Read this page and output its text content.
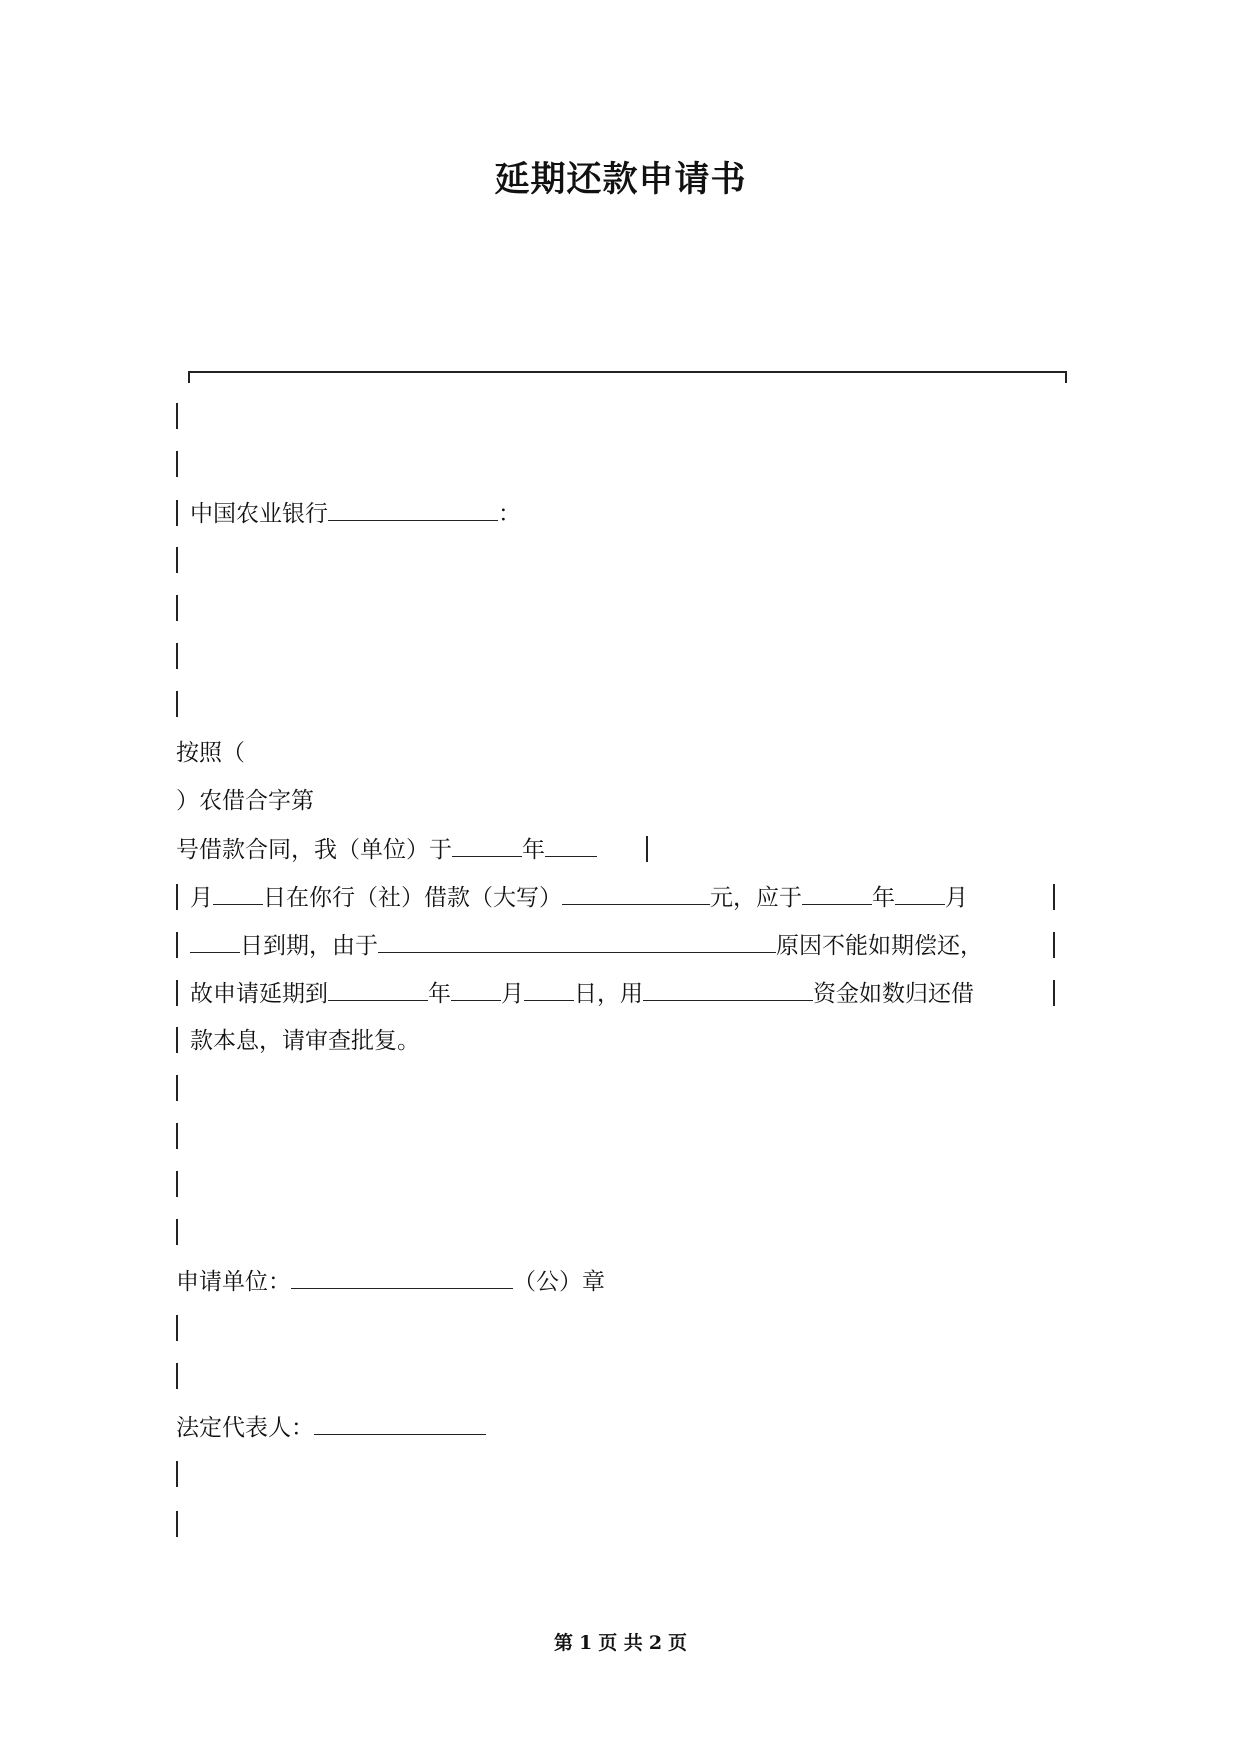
延期还款申请书
中国农业银行	：
按照（
）农借合字第
号借款合同，我（单位）于	年
月 日在你行（社）借款（大写）	元，应于	年 月
日到期，由于	原因不能如期偿还，
故申请延期到	年 月 日，用	资金如数归还借
款本息，请审查批复。
申请单位：	（公）章
法定代表人：

第 1 页 共 2 页
